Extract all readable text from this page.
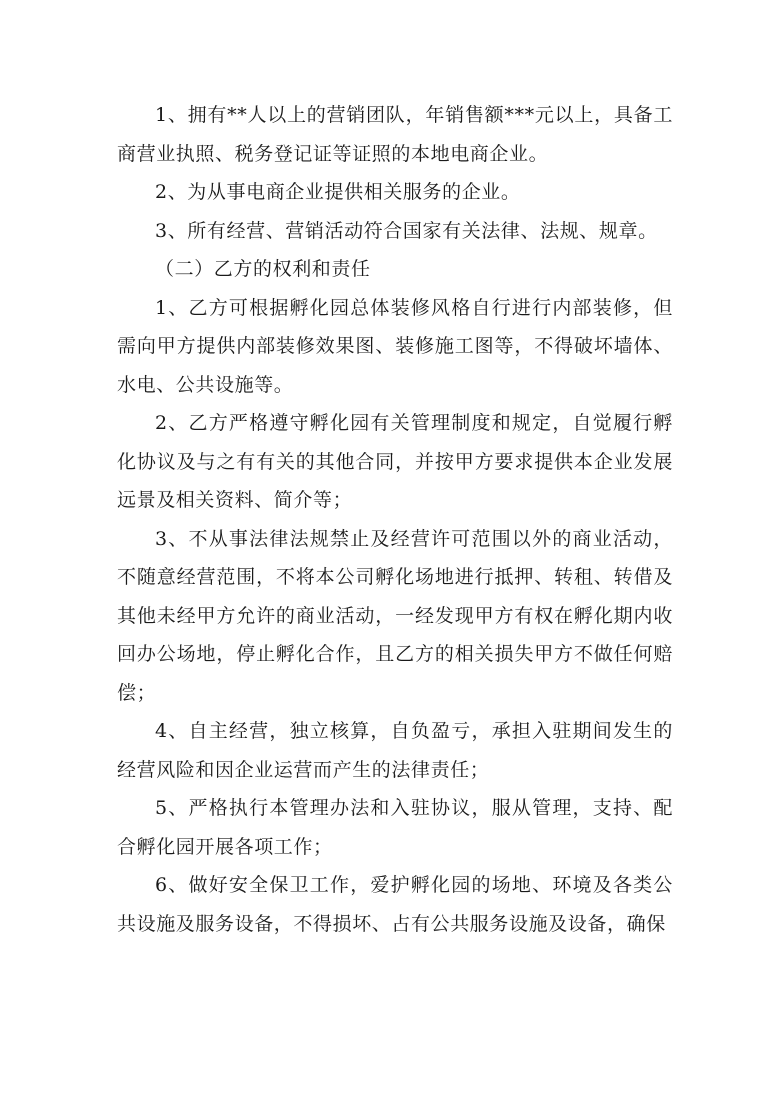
1、拥有**人以上的营销团队，年销售额***元以上，具备工商营业执照、税务登记证等证照的本地电商企业。

2、为从事电商企业提供相关服务的企业。

3、所有经营、营销活动符合国家有关法律、法规、规章。

（二）乙方的权利和责任

1、乙方可根据孵化园总体装修风格自行进行内部装修，但需向甲方提供内部装修效果图、装修施工图等，不得破坏墙体、水电、公共设施等。

2、乙方严格遵守孵化园有关管理制度和规定，自觉履行孵化协议及与之有有关的其他合同，并按甲方要求提供本企业发展远景及相关资料、简介等；

3、不从事法律法规禁止及经营许可范围以外的商业活动，不随意经营范围，不将本公司孵化场地进行抵押、转租、转借及其他未经甲方允许的商业活动，一经发现甲方有权在孵化期内收回办公场地，停止孵化合作，且乙方的相关损失甲方不做任何赔偿；

4、自主经营，独立核算，自负盈亏，承担入驻期间发生的经营风险和因企业运营而产生的法律责任；

5、严格执行本管理办法和入驻协议，服从管理，支持、配合孵化园开展各项工作；

6、做好安全保卫工作，爱护孵化园的场地、环境及各类公共设施及服务设备，不得损坏、占有公共服务设施及设备，确保
